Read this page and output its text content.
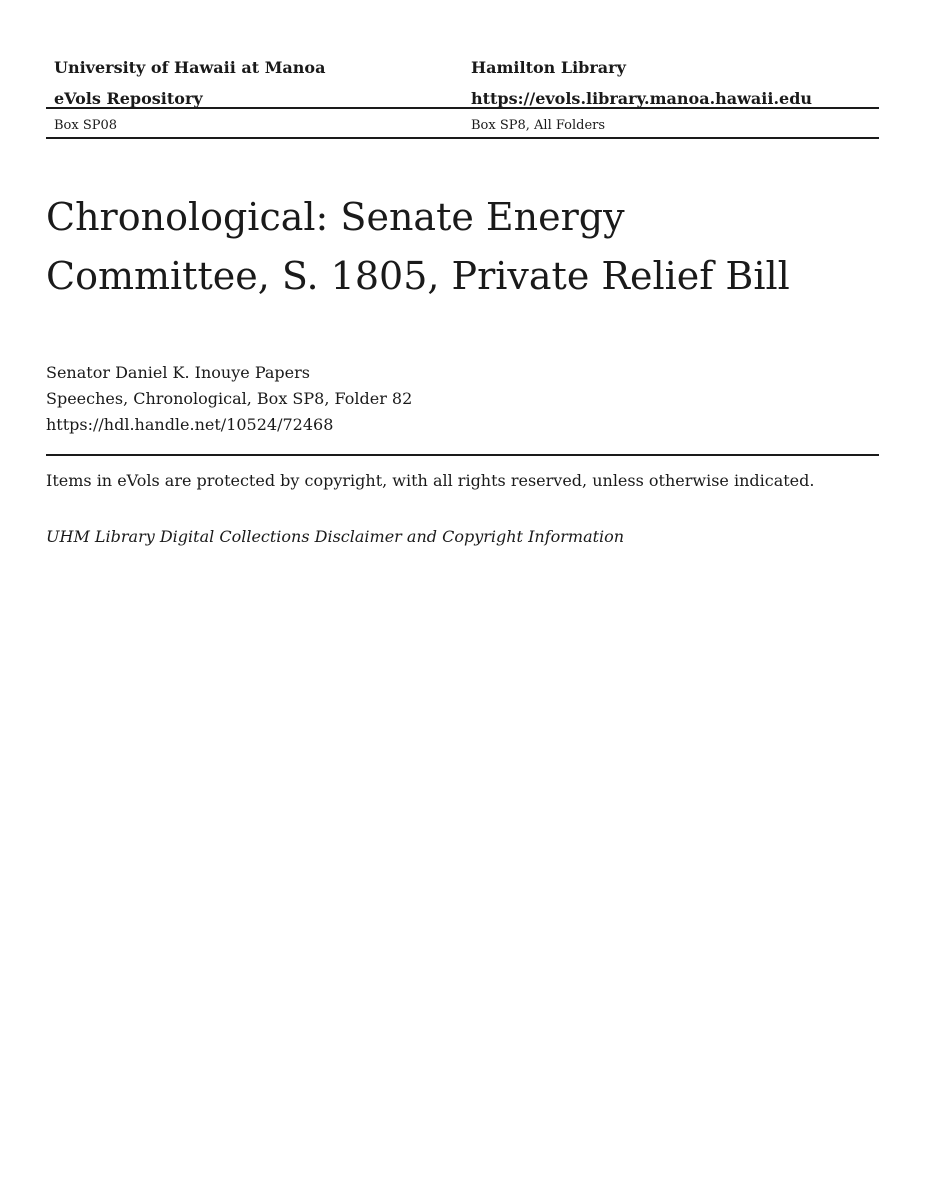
University of Hawaii at Manoa
eVols Repository
Hamilton Library
https://evols.library.manoa.hawaii.edu
Box SP08	Box SP8, All Folders
Chronological: Senate Energy
Committee, S. 1805, Private Relief Bill
Senator Daniel K. Inouye Papers
Speeches, Chronological, Box SP8, Folder 82
https://hdl.handle.net/10524/72468
Items in eVols are protected by copyright, with all rights reserved, unless otherwise indicated.
UHM Library Digital Collections Disclaimer and Copyright Information
